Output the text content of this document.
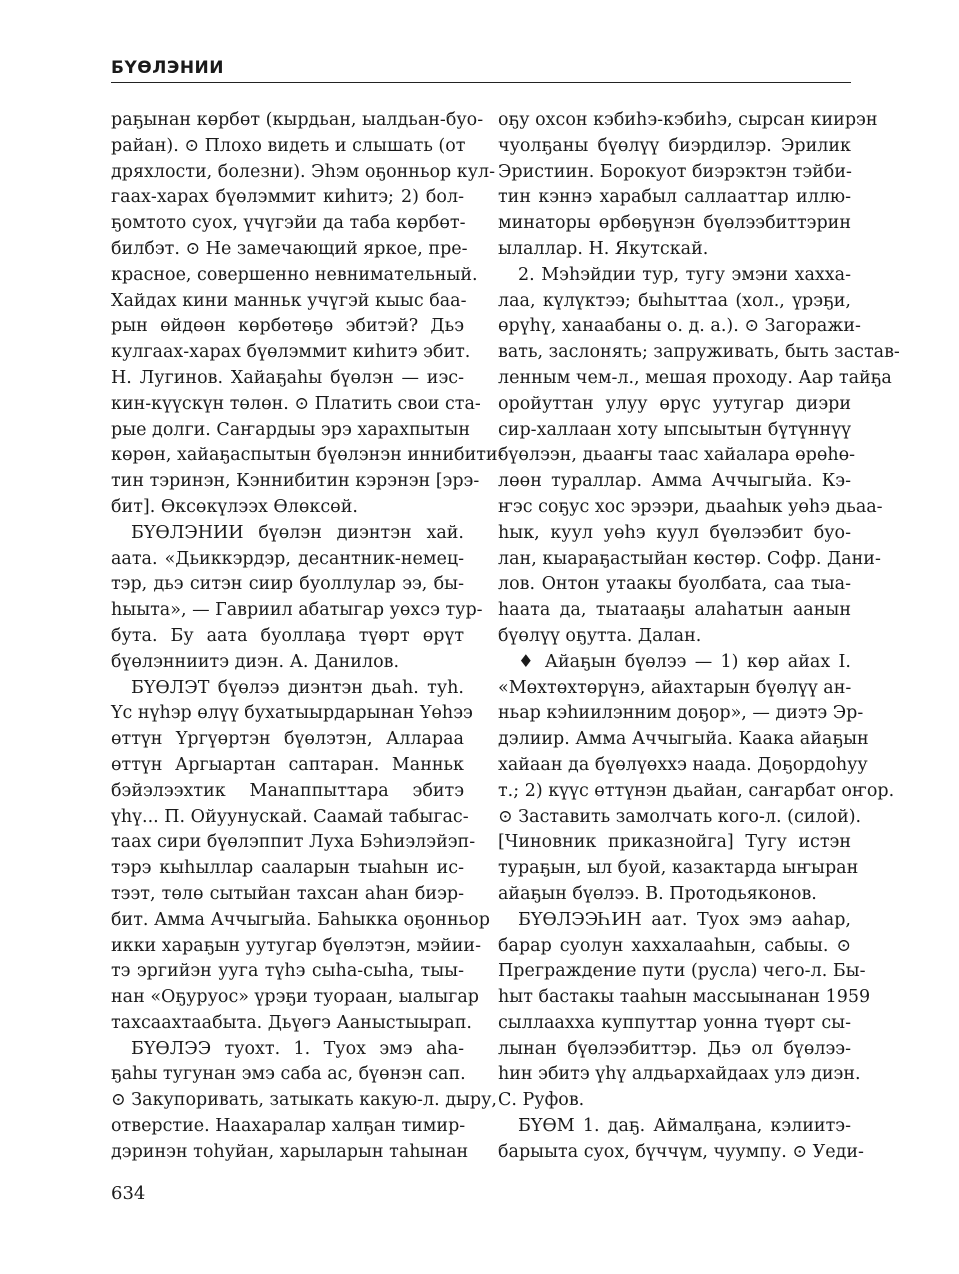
БҮӨЛЭНИИ
раҕынан көрбөт (кырдьан, ыалдьан-буо-
райан). ⊙ Плохо видеть и слышать (от
дряхлости, болезни). Эһэм оҕонньор кул-
гаах-харах бүөлэммит киһитэ; 2) бол-
ҕомтото суох, үчүгэйи да таба көрбөт-
билбэт. ⊙ Не замечающий яркое, пре-
красное, совершенно невнимательный.
Хайдах кини манньк учүгэй кыыс баа-
рын өйдөөн көрбөтөҕө эбитэй? Дьэ
кулгаах-харах бүөлэммит киһитэ эбит.
Н. Лугинов. Хайаҕаһы бүөлэн — иэс-
кин-күүскүн төлөн. ⊙ Платить свои ста-
рые долги. Саҥардыы эрэ харахпытын
көрөн, хайаҕаспытын бүөлэнэн иннибити-
тин тэринэн, Кэннибитин кэрэнэн [эрэ-
бит]. Өксөкүлээх Өлөксөй.
БҮӨЛЭНИИ бүөлэн диэнтэн хай.
аата. «Дьиккэрдэр, десантник-немец-
тэр, дьэ ситэн сиир буоллулар ээ, бы-
һыыта», — Гавриил абатыгар уөхсэ тур-
бута. Бу аата буоллаҕа түөрт өрүт
бүөлэнниитэ диэн. А. Данилов.
БҮӨЛЭТ бүөлээ диэнтэн дьаһ. туһ.
Үс нүһэр өлүү бухатыырдарынан Үөһээ
өттүн Үргүөртэн бүөлэтэн, Алларaa
өттүн Аргыартан саптаран. Манньк
бэйэлээхтик Манаппыттара эбитэ
үһү... П. Ойуунускай. Саамай табыгас-
таах сири бүөлэппит Луха Бэһиэлэйэп-
тэрэ кыһыллар сааларын тыаһын ис-
тээт, төлө сытыйан тахсан аһан биэр-
бит. Амма Аччыгыйа. Баһыкка оҕонньор
икки хараҕын уутугар бүөлэтэн, мэйии-
тэ эргийэн уугa түһэ сыһа-сыһа, тыы-
нан «Оҕуруос» үрэҕи туораан, ыалыгар
тахсаахтаабыта. Дьүөгэ Ааныстыырап.
БҮӨЛЭЭ туохт. 1. Туох эмэ аһа-
ҕаһы тугунан эмэ саба ас, бүөнэн сап.
⊙ Закупоривать, затыкать какую-л. дыру,
отверстие. Наахаралар халҕан тимир-
дэринэн тоһуйан, харыларын таһынан
оҕу охсон кэбиһэ-кэбиһэ, сырсан киирэн
чуолҕаны бүөлүү биэрдилэр. Эрилик
Эристиин. Борокуот биэрэктэн тэйби-
тин кэннэ харабыл саллааттар иллю-
минаторы өрбөҕүнэн бүөлээбиттэрин
ылаллар. Н. Якутскай.
2. Мэһэйдии тур, тугу эмэни хахха-
лаа, күлүктээ; быһыттаа (хол., үрэҕи,
өрүһү, ханаабаны о. д. а.). ⊙ Загоражи-
вать, заслонять; запруживать, быть застав-
ленным чем-л., мешая проходу. Аар тайҕа
оройуттан улуу өрүс уутугар диэри
сир-халлаан хоту ыпсыытын бүтүннүү
бүөлээн, дьааҥы таас хайалара өрөһө-
лөөн тураллар. Амма Аччыгыйа. Кэ-
ҥэс соҕус хос эрээри, дьааһык уөһэ дьаа-
һык, куул уөһэ куул бүөлээбит буо-
лан, кыараҕастыйан көстөр. Софр. Дани-
лов. Онтон утаакы буолбата, саа тыа-
һаата да, тыатааҕы алаһатын аанын
бүөлүү оҕутта. Далан.
♦ Айаҕын бүөлээ — 1) көр айах I.
«Мөхтөхтөрүнэ, айахтарын бүөлүү ан-
ньар кэһиилэнним доҕор», — диэтэ Эр-
дэлиир. Амма Аччыгыйа. Каака айаҕын
хайаан да бүөлүөххэ наада. Доҕордоһуу
т.; 2) күүс өттүнэн дьайан, саҥарбат оҥор.
⊙ Заставить замолчать кого-л. (силой).
[Чиновник приказнойга] Тугу истэн
тураҕын, ыл буой, казактарда ыҥыран
айаҕын бүөлээ. В. Протодьяконов.
БҮӨЛЭЭҺИН аат. Туох эмэ ааһар,
барар суолун хаххалааһын, сабыы. ⊙
Преграждение пути (русла) чего-л. Бы-
һыт бастакы тааһын массыынанан 1959
сыллаахха куппуттар уонна түөрт сы-
лынан бүөлээбиттэр. Дьэ ол бүөлээ-
һин эбитэ үһү алдьархайдаах улэ диэн.
С. Руфов.
БҮӨМ 1. даҕ. Аймалҕана, кэлиитэ-
барыыта суох, бүччүм, чуумпу. ⊙ Уеди-
634
